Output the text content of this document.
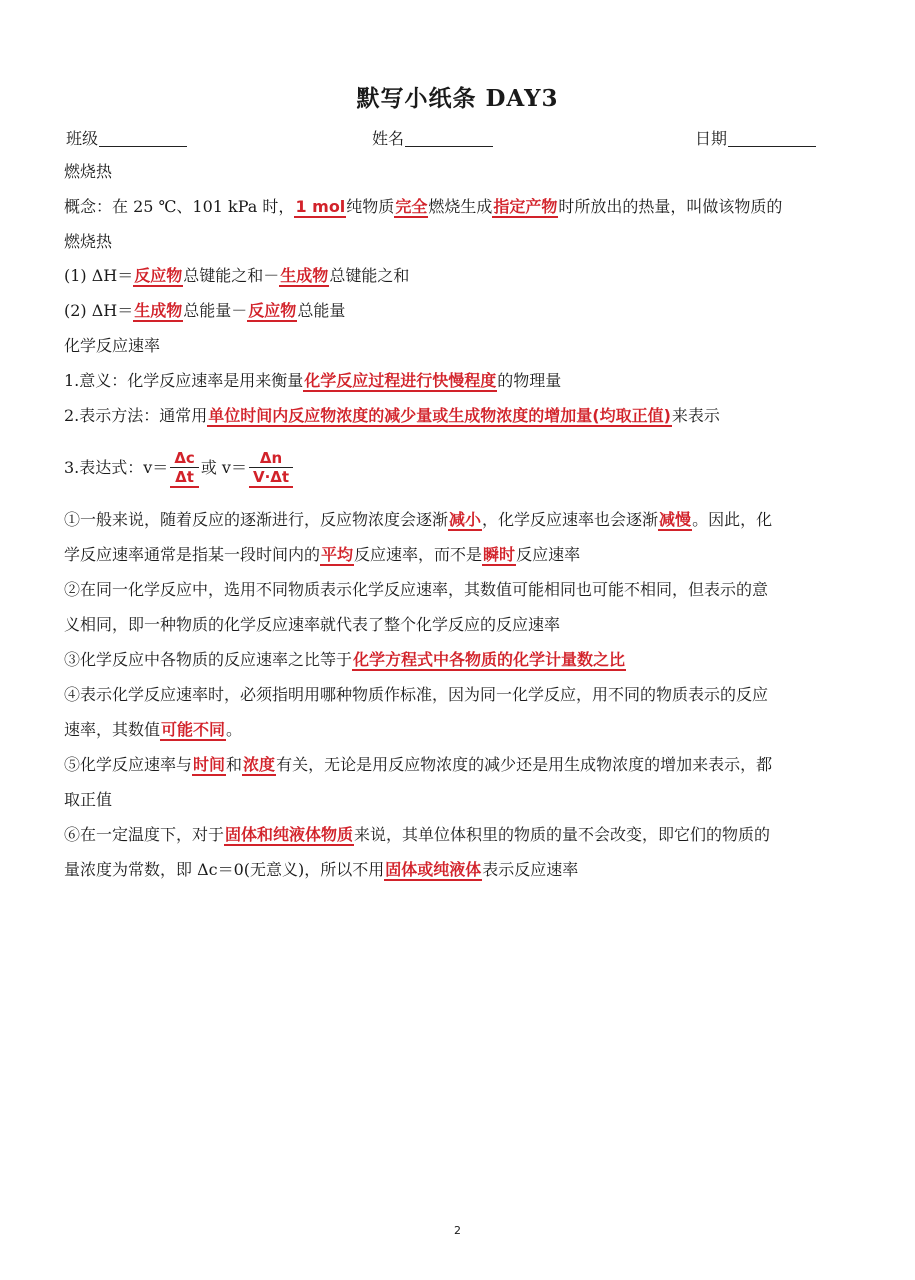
默写小纸条 DAY3
班级	姓名	日期
燃烧热
概念：在 25 ℃、101 kPa 时，1 mol纯物质完全燃烧生成指定产物时所放出的热量，叫做该物质的
燃烧热
(1) ΔH＝反应物总键能之和－生成物总键能之和
(2) ΔH＝生成物总能量－反应物总能量
化学反应速率
1.意义：化学反应速率是用来衡量化学反应过程进行快慢程度的物理量
2.表示方法：通常用单位时间内反应物浓度的减少量或生成物浓度的增加量(均取正值)来表示
3.表达式：$v= \frac{\Delta c}{\Delta t}$ 或 $v= \frac{\Delta n}{V\cdot\Delta t}$
①一般来说，随着反应的逐渐进行，反应物浓度会逐渐减小，化学反应速率也会逐渐减慢。因此，化
学反应速率通常是指某一段时间内的平均反应速率，而不是瞬时反应速率
②在同一化学反应中，选用不同物质表示化学反应速率，其数值可能相同也可能不相同，但表示的意
义相同，即一种物质的化学反应速率就代表了整个化学反应的反应速率
③化学反应中各物质的反应速率之比等于化学方程式中各物质的化学计量数之比
④表示化学反应速率时，必须指明用哪种物质作标准，因为同一化学反应，用不同的物质表示的反应
速率，其数值可能不同。
⑤化学反应速率与时间和浓度有关，无论是用反应物浓度的减少还是用生成物浓度的增加来表示，都
取正值
⑥在一定温度下，对于固体和纯液体物质来说，其单位体积里的物质的量不会改变，即它们的物质的
量浓度为常数，即 Δc＝0(无意义)，所以不用固体或纯液体表示反应速率
2
